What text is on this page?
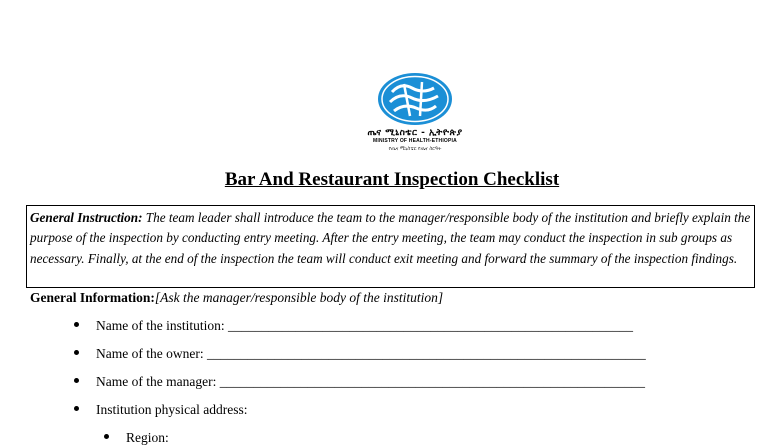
ጤና ሚኒስቴር - ኢትዮጵያ
MINISTRY OF HEALTH-ETHIOPIA
የጤና ሚኒስቴር የጤና ስርዓት
Bar And Restaurant Inspection Checklist
General Instruction: The team leader shall introduce the team to the manager/responsible body of the institution and briefly explain the purpose of the inspection by conducting entry meeting. After the entry meeting, the team may conduct the inspection in sub groups as necessary. Finally, at the end of the inspection the team will conduct exit meeting and forward the summary of the inspection findings.
General Information:[Ask the manager/responsible body of the institution]
Name of the institution: ____________________________________________________________
Name of the owner: _________________________________________________________________
Name of the manager: _______________________________________________________________
Institution physical address:
Region:
